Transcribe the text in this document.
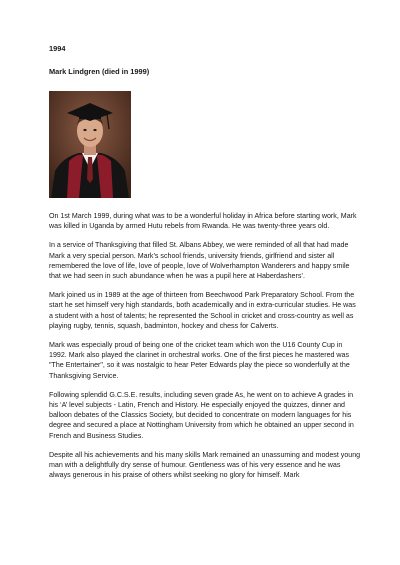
1994

Mark Lindgren (died in 1999)

On 1st March 1999, during what was to be a wonderful holiday in Africa before starting work, Mark was killed in Uganda by armed Hutu rebels from Rwanda. He was twenty-three years old.

In a service of Thanksgiving that filled St. Albans Abbey, we were reminded of all that had made Mark a very special person. Mark’s school friends, university friends, girlfriend and sister all remembered the love of life, love of people, love of Wolverhampton Wanderers and happy smile that we had seen in such abundance when he was a pupil here at Haberdashers’.

Mark joined us in 1989 at the age of thirteen from Beechwood Park Preparatory School. From the start he set himself very high standards, both academically and in extra-curricular studies. He was a student with a host of talents; he represented the School in cricket and cross-country as well as playing rugby, tennis, squash, badminton, hockey and chess for Calverts.

Mark was especially proud of being one of the cricket team which won the U16 County Cup in 1992. Mark also played the clarinet in orchestral works. One of the first pieces he mastered was "The Entertainer", so it was nostalgic to hear Peter Edwards play the piece so wonderfully at the Thanksgiving Service.

Following splendid G.C.S.E. results, including seven grade As, he went on to achieve A grades in his ‘A’ level subjects - Latin, French and History. He especially enjoyed the quizzes, dinner and balloon debates of the Classics Society, but decided to concentrate on modern languages for his degree and secured a place at Nottingham University from which he obtained an upper second in French and Business Studies.

Despite all his achievements and his many skills Mark remained an unassuming and modest young man with a delightfully dry sense of humour. Gentleness was of his very essence and he was always generous in his praise of others whilst seeking no glory for himself. Mark
